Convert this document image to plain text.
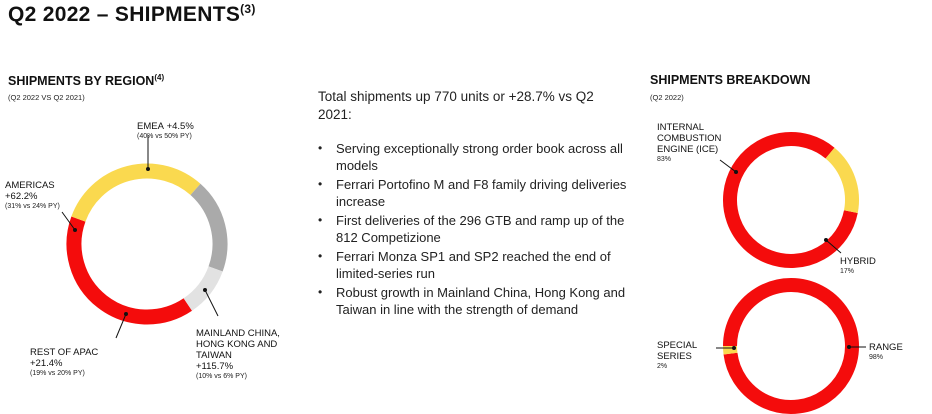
Q2 2022 – SHIPMENTS$^{(3)}$
SHIPMENTS BY REGION$^{(4)}$
(Q2 2022 VS Q2 2021)
EMEA +4.5%
(40% vs 50% PY)
AMERICAS
+62.2%
(31% vs 24% PY)
REST OF APAC
+21.4%
(19% vs 20% PY)
MAINLAND CHINA, HONG KONG AND TAIWAN
+115.7%
(10% vs 6% PY)
Total shipments up 770 units or +28.7% vs Q2 2021:
• Serving exceptionally strong order book across all models
• Ferrari Portofino M and F8 family driving deliveries increase
• First deliveries of the 296 GTB and ramp up of the 812 Competizione
• Ferrari Monza SP1 and SP2 reached the end of limited-series run
• Robust growth in Mainland China, Hong Kong and Taiwan in line with the strength of demand
SHIPMENTS BREAKDOWN
(Q2 2022)
INTERNAL COMBUSTION ENGINE (ICE)
83%
HYBRID
17%
SPECIAL SERIES
2%
RANGE
98%
